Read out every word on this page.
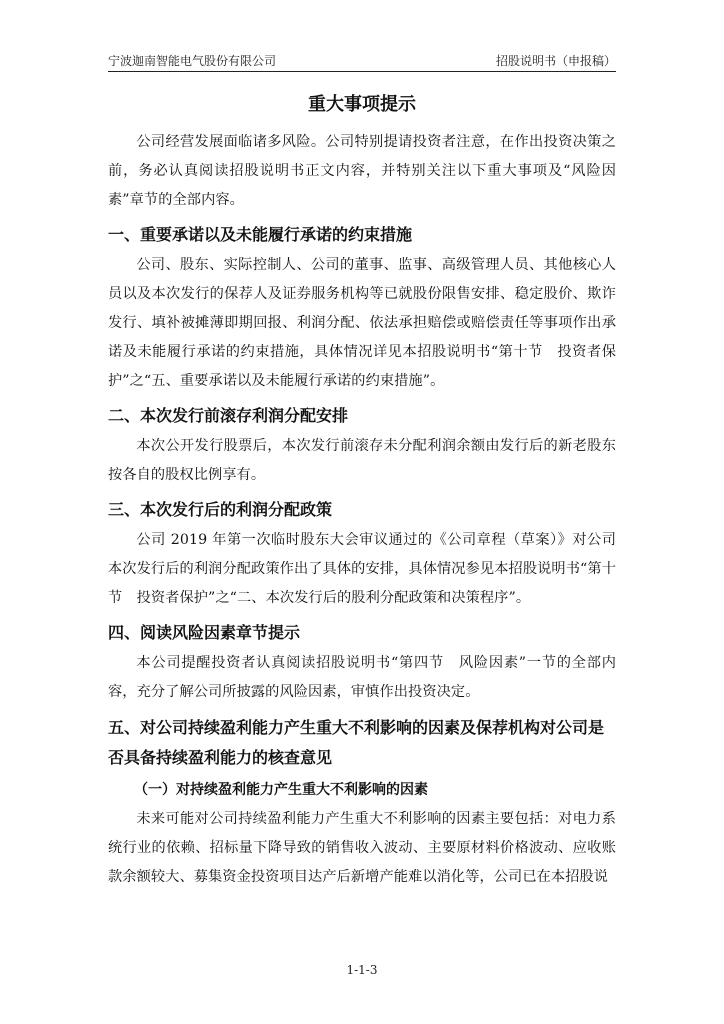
宁波迦南智能电气股份有限公司	招股说明书（申报稿）
重大事项提示

公司经营发展面临诸多风险。公司特别提请投资者注意，在作出投资决策之前，务必认真阅读招股说明书正文内容，并特别关注以下重大事项及“风险因素”章节的全部内容。

一、重要承诺以及未能履行承诺的约束措施

公司、股东、实际控制人、公司的董事、监事、高级管理人员、其他核心人员以及本次发行的保荐人及证券服务机构等已就股份限售安排、稳定股价、欺诈发行、填补被摊薄即期回报、利润分配、依法承担赔偿或赔偿责任等事项作出承诺及未能履行承诺的约束措施，具体情况详见本招股说明书“第十节　投资者保护”之“五、重要承诺以及未能履行承诺的约束措施”。

二、本次发行前滚存利润分配安排

本次公开发行股票后，本次发行前滚存未分配利润余额由发行后的新老股东按各自的股权比例享有。

三、本次发行后的利润分配政策

公司 2019 年第一次临时股东大会审议通过的《公司章程（草案）》对公司本次发行后的利润分配政策作出了具体的安排，具体情况参见本招股说明书“第十节　投资者保护”之“二、本次发行后的股利分配政策和决策程序”。

四、阅读风险因素章节提示

本公司提醒投资者认真阅读招股说明书“第四节　风险因素”一节的全部内容，充分了解公司所披露的风险因素，审慎作出投资决定。

五、对公司持续盈利能力产生重大不利影响的因素及保荐机构对公司是否具备持续盈利能力的核查意见
（一）对持续盈利能力产生重大不利影响的因素

未来可能对公司持续盈利能力产生重大不利影响的因素主要包括：对电力系统行业的依赖、招标量下降导致的销售收入波动、主要原材料价格波动、应收账款余额较大、募集资金投资项目达产后新增产能难以消化等，公司已在本招股说

1-1-3
